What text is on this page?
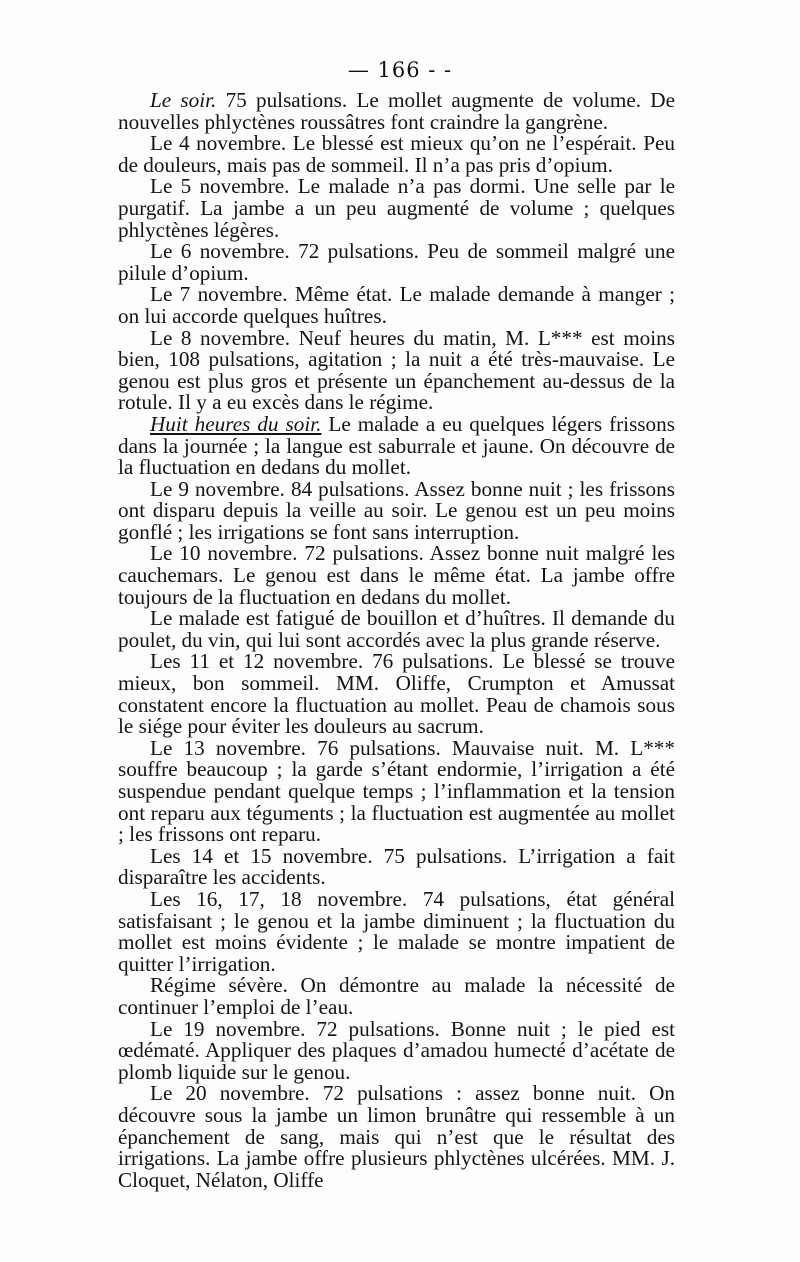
— 166 - -

Le soir. 75 pulsations. Le mollet augmente de volume. De nouvelles phlyctènes roussâtres font craindre la gangrène.

Le 4 novembre. Le blessé est mieux qu’on ne l’espérait. Peu de douleurs, mais pas de sommeil. Il n’a pas pris d’opium.

Le 5 novembre. Le malade n’a pas dormi. Une selle par le purgatif. La jambe a un peu augmenté de volume ; quelques phlyctènes légères.

Le 6 novembre. 72 pulsations. Peu de sommeil malgré une pilule d’opium.

Le 7 novembre. Même état. Le malade demande à manger ; on lui accorde quelques huîtres.

Le 8 novembre. Neuf heures du matin, M. L*** est moins bien, 108 pulsations, agitation ; la nuit a été très-mauvaise. Le genou est plus gros et présente un épanchement au-dessus de la rotule. Il y a eu excès dans le régime.

Huit heures du soir. Le malade a eu quelques légers frissons dans la journée ; la langue est saburrale et jaune. On découvre de la fluctuation en dedans du mollet.

Le 9 novembre. 84 pulsations. Assez bonne nuit ; les frissons ont disparu depuis la veille au soir. Le genou est un peu moins gonflé ; les irrigations se font sans interruption.

Le 10 novembre. 72 pulsations. Assez bonne nuit malgré les cauchemars. Le genou est dans le même état. La jambe offre toujours de la fluctuation en dedans du mollet.

Le malade est fatigué de bouillon et d’huîtres. Il demande du poulet, du vin, qui lui sont accordés avec la plus grande réserve.

Les 11 et 12 novembre. 76 pulsations. Le blessé se trouve mieux, bon sommeil. MM. Oliffe, Crumpton et Amussat constatent encore la fluctuation au mollet. Peau de chamois sous le siége pour éviter les douleurs au sacrum.

Le 13 novembre. 76 pulsations. Mauvaise nuit. M. L*** souffre beaucoup ; la garde s’étant endormie, l’irrigation a été suspendue pendant quelque temps ; l’inflammation et la tension ont reparu aux téguments ; la fluctuation est augmentée au mollet ; les frissons ont reparu.

Les 14 et 15 novembre. 75 pulsations. L’irrigation a fait disparaître les accidents.

Les 16, 17, 18 novembre. 74 pulsations, état général satisfaisant ; le genou et la jambe diminuent ; la fluctuation du mollet est moins évidente ; le malade se montre impatient de quitter l’irrigation.

Régime sévère. On démontre au malade la nécessité de continuer l’emploi de l’eau.

Le 19 novembre. 72 pulsations. Bonne nuit ; le pied est œdématé. Appliquer des plaques d’amadou humecté d’acétate de plomb liquide sur le genou.

Le 20 novembre. 72 pulsations : assez bonne nuit. On découvre sous la jambe un limon brunâtre qui ressemble à un épanchement de sang, mais qui n’est que le résultat des irrigations. La jambe offre plusieurs phlyctènes ulcérées. MM. J. Cloquet, Nélaton, Oliffe
